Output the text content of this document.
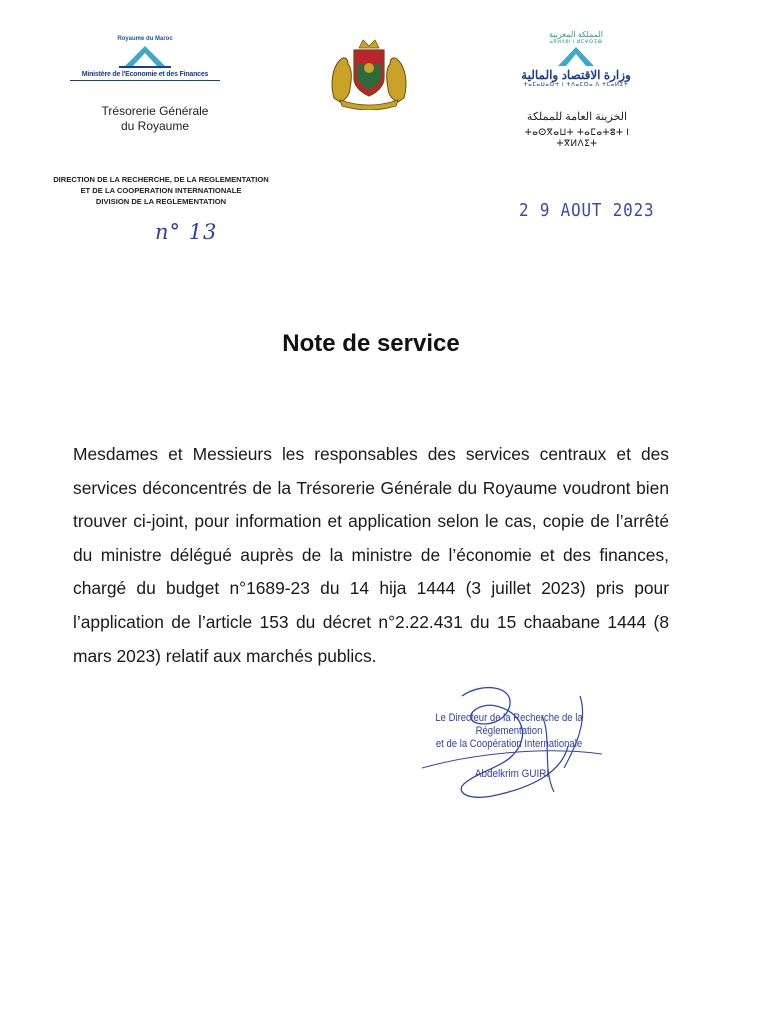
Royaume du Maroc
Ministère de l'Economie et des Finances
Trésorerie Générale
du Royaume
المملكة المغربية
ⴰⴳⵍⴷⵓⵏ ⵏ ⵍⵎⵖⵔⵉⴱ
وزارة الاقتصاد والمالية
ⵜⴰⵎⴰⵡⴰⵙⵜ ⵏ ⵜⴷⴰⵎⵙⴰ ⴷ ⵜⵎⴰⵍⵉⵜ
الخزينة العامة للمملكة
ⵜⴰⵙⴳⴰⵡⵜ ⵜⴰⵎⴰⵜⵓⵜ ⵏ ⵜⴳⵍⴷⵉⵜ
DIRECTION DE LA RECHERCHE, DE LA REGLEMENTATION
ET DE LA COOPERATION INTERNATIONALE
DIVISION DE LA REGLEMENTATION
n° 13
2 9 AOUT 2023
Note de service
Mesdames et Messieurs les responsables des services centraux et des services déconcentrés de la Trésorerie Générale du Royaume voudront bien trouver ci-joint, pour information et application selon le cas, copie de l’arrêté du ministre délégué auprès de la ministre de l’économie et des finances, chargé du budget n°1689-23 du 14 hija 1444 (3 juillet 2023) pris pour l’application de l’article 153 du décret n°2.22.431 du 15 chaabane 1444 (8 mars 2023) relatif aux marchés publics.
Le Directeur de la Recherche de la Réglementation
et de la Coopération Internationale
Abdelkrim GUIRI
